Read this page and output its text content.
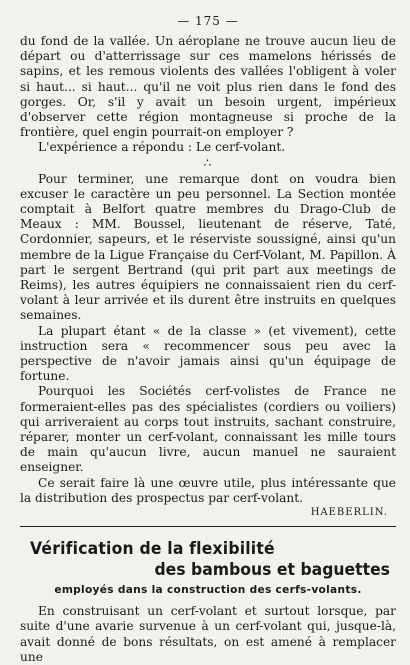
— 175 —

du fond de la vallée. Un aéroplane ne trouve aucun lieu de départ ou d'atterrissage sur ces mamelons hérissés de sapins, et les remous violents des vallées l'obligent à voler si haut... si haut... qu'il ne voit plus rien dans le fond des gorges. Or, s'il y avait un besoin urgent, impérieux d'observer cette région montagneuse si proche de la frontière, quel engin pourrait-on employer ?

L'expérience a répondu : Le cerf-volant.

∴

Pour terminer, une remarque dont on voudra bien excuser le caractère un peu personnel. La Section montée comptait à Belfort quatre membres du Drago-Club de Meaux : MM. Boussel, lieutenant de réserve, Taté, Cordonnier, sapeurs, et le réserviste soussigné, ainsi qu'un membre de la Ligue Française du Cerf-Volant, M. Papillon. À part le sergent Bertrand (qui prit part aux meetings de Reims), les autres équipiers ne connaissaient rien du cerf-volant à leur arrivée et ils durent être instruits en quelques semaines.

La plupart étant « de la classe » (et vivement), cette instruction sera « recommencer sous peu avec la perspective de n'avoir jamais ainsi qu'un équipage de fortune.

Pourquoi les Sociétés cerf-volistes de France ne formeraient-elles pas des spécialistes (cordiers ou voiliers) qui arriveraient au corps tout instruits, sachant construire, réparer, monter un cerf-volant, connaissant les mille tours de main qu'aucun livre, aucun manuel ne sauraient enseigner.

Ce serait faire là une œuvre utile, plus intéressante que la distribution des prospectus par cerf-volant.

HAEBERLIN.
Vérification de la flexibilité
des bambous et baguettes
employés dans la construction des cerfs-volants.

En construisant un cerf-volant et surtout lorsque, par suite d'une avarie survenue à un cerf-volant qui, jusque-là, avait donné de bons résultats, on est amené à remplacer une
